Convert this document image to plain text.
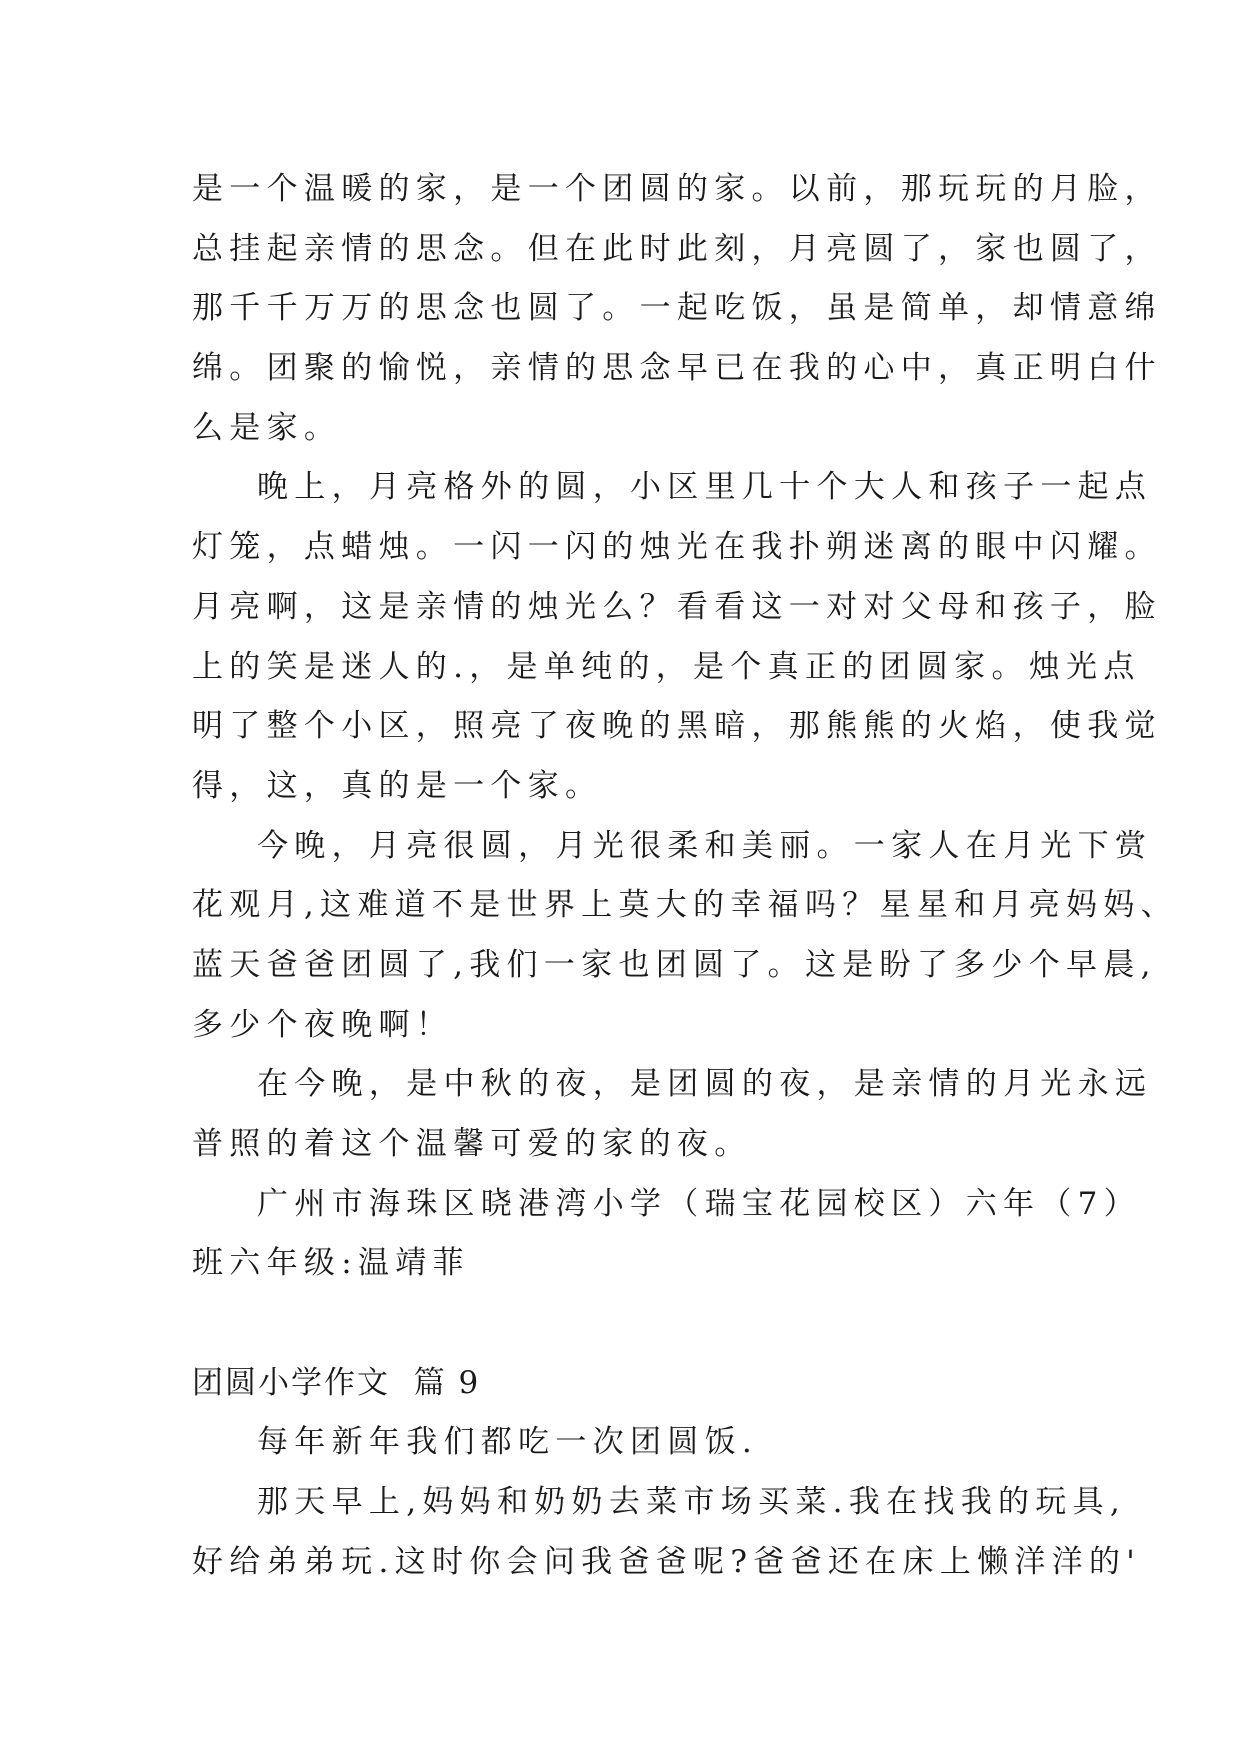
是一个温暖的家，是一个团圆的家。以前，那玩玩的月脸，
总挂起亲情的思念。但在此时此刻，月亮圆了，家也圆了，
那千千万万的思念也圆了。一起吃饭，虽是简单，却情意绵
绵。团聚的愉悦，亲情的思念早已在我的心中，真正明白什
么是家。
晚上，月亮格外的圆，小区里几十个大人和孩子一起点
灯笼，点蜡烛。一闪一闪的烛光在我扑朔迷离的眼中闪耀。
月亮啊，这是亲情的烛光么？看看这一对对父母和孩子，脸
上的笑是迷人的.，是单纯的，是个真正的团圆家。烛光点
明了整个小区，照亮了夜晚的黑暗，那熊熊的火焰，使我觉
得，这，真的是一个家。
今晚，月亮很圆，月光很柔和美丽。一家人在月光下赏
花观月,这难道不是世界上莫大的幸福吗？星星和月亮妈妈、
蓝天爸爸团圆了,我们一家也团圆了。这是盼了多少个早晨,
多少个夜晚啊！
在今晚，是中秋的夜，是团圆的夜，是亲情的月光永远
普照的着这个温馨可爱的家的夜。
广州市海珠区晓港湾小学（瑞宝花园校区）六年（7）
班六年级:温靖菲
团圆小学作文  篇 9
每年新年我们都吃一次团圆饭.
那天早上,妈妈和奶奶去菜市场买菜.我在找我的玩具,
好给弟弟玩.这时你会问我爸爸呢?爸爸还在床上懒洋洋的'
